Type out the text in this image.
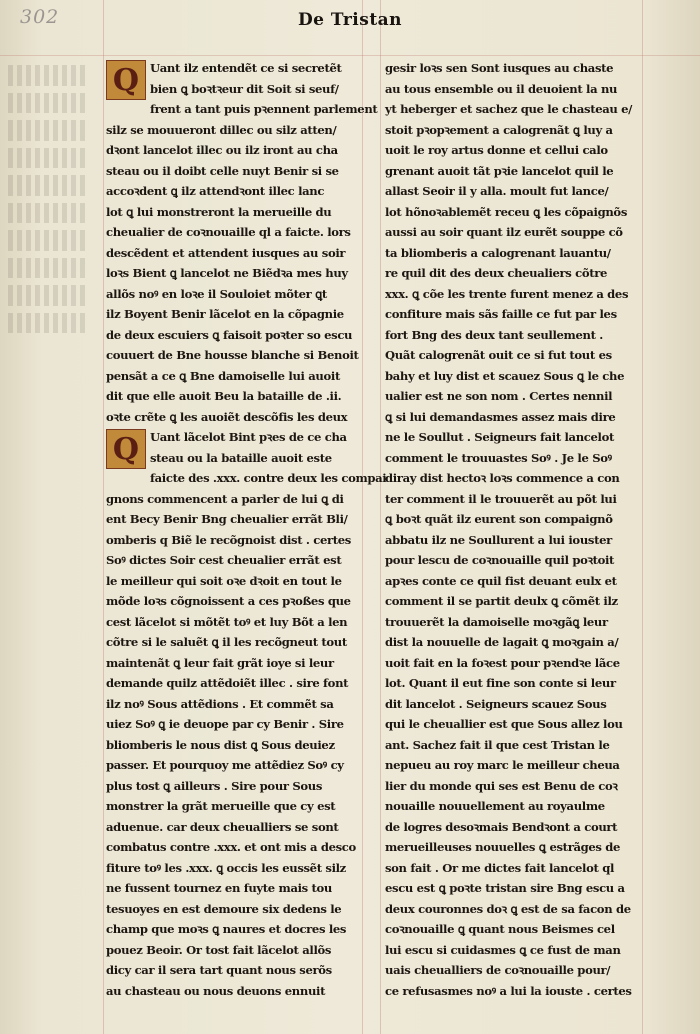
302	De Tristan
Q Uant ilz entendẽt ce si secretẽt
bien ꝗ boꝛtꝛeur dit Soit si seuf/
frent a tant puis pꝛennent parlement
silz se mouueront dillec ou silz atten/
dꝛont lancelot illec ou ilz iront au cha
steau ou il doibt celle nuyt Benir si se
accoꝛdent ꝗ ilz attendꝛont illec lanc
lot ꝗ lui monstreront la merueille du
cheualier de coꝛnouaille ql a faicte. lors
descẽdent et attendent iusques au soir
loꝛs Bient ꝗ lancelot ne Biẽdꝛa mes huy
allõs noꝰ en loꝛe il Souloiet mõter ꝗt
ilz Boyent Benir lãcelot en la cõpagnie
de deux escuiers ꝗ faisoit poꝛter so escu
couuert de Bne housse blanche si Benoit
pensãt a ce ꝗ Bne damoiselle lui auoit
dit que elle auoit Beu la bataille de .ii.
oꝛte crẽte ꝗ les auoiẽt descõfis les deux
Q Uant lãcelot Bint pꝛes de ce cha
steau ou la bataille auoit este
faicte des .xxx. contre deux les compai
gnons commencent a parler de lui ꝗ di
ent Becy Benir Bng cheualier errãt Bli/
omberis q Biẽ le recõgnoist dist . certes
Soꝰ dictes Soir cest cheualier errãt est
le meilleur qui soit oꝛe dꝛoit en tout le
mõde loꝛs cõgnoissent a ces pꝛoßes que
cest lãcelot si mõtẽt toꝰ et luy Bõt a len
cõtre si le saluẽt ꝗ il les recõgneut tout
maintenãt ꝗ leur fait grãt ioye si leur
demande quilz attẽdoiẽt illec . sire font
ilz noꝰ Sous attẽdions . Et commẽt sa
uiez Soꝰ ꝗ ie deuope par cy Benir . Sire
bliomberis le nous dist ꝗ Sous deuiez
passer. Et pourquoy me attẽdiez Soꝰ cy
plus tost ꝗ ailleurs . Sire pour Sous
monstrer la grãt merueille que cy est
aduenue. car deux cheualliers se sont
combatus contre .xxx. et ont mis a desco
fiture toꝰ les .xxx. ꝗ occis les eussẽt silz
ne fussent tournez en fuyte mais tou
tesuoyes en est demoure six dedens le
champ que moꝛs ꝗ naures et docres les
pouez Beoir. Or tost fait lãcelot allõs
dicy car il sera tart quant nous serõs
au chasteau ou nous deuons ennuit
gesir loꝛs sen Sont iusques au chaste
au tous ensemble ou il deuoient la nu
yt heberger et sachez que le chasteau e/
stoit pꝛopꝛement a calogrenãt ꝗ luy a
uoit le roy artus donne et cellui calo
grenant auoit tãt pꝛie lancelot quil le
allast Seoir il y alla. moult fut lance/
lot hõnoꝛablemẽt receu ꝗ les cõpaignõs
aussi au soir quant ilz eurẽt souppe cõ
ta bliomberis a calogrenant lauantu/
re quil dit des deux cheualiers cõtre
xxx. ꝗ cõe les trente furent menez a des
confiture mais sãs faille ce fut par les
fort Bng des deux tant seullement .
Quãt calogrenãt ouit ce si fut tout es
bahy et luy dist et scauez Sous ꝗ le che
ualier est ne son nom . Certes nennil
ꝗ si lui demandasmes assez mais dire
ne le Soullut . Seigneurs fait lancelot
comment le trouuastes Soꝰ . Je le Soꝰ
diray dist hectoꝛ loꝛs commence a con
ter comment il le trouuerẽt au põt lui
ꝗ boꝛt quãt ilz eurent son compaignõ
abbatu ilz ne Soullurent a lui iouster
pour lescu de coꝛnouaille quil poꝛtoit
apꝛes conte ce quil fist deuant eulx et
comment il se partit deulx ꝗ cõmẽt ilz
trouuerẽt la damoiselle moꝛgãꝗ leur
dist la nouuelle de lagait ꝗ moꝛgain a/
uoit fait en la foꝛest pour pꝛendꝛe lãce
lot. Quant il eut fine son conte si leur
dit lancelot . Seigneurs scauez Sous
qui le cheuallier est que Sous allez lou
ant. Sachez fait il que cest Tristan le
nepueu au roy marc le meilleur cheua
lier du monde qui ses est Benu de coꝛ
nouaille nouuellement au royaulme
de logres desoꝛmais Bendꝛont a court
merueilleuses nouuelles ꝗ estrãges de
son fait . Or me dictes fait lancelot ql
escu est ꝗ poꝛte tristan sire Bng escu a
deux couronnes doꝛ ꝗ est de sa facon de
coꝛnouaille ꝗ quant nous Beismes cel
lui escu si cuidasmes ꝗ ce fust de man
uais cheualliers de coꝛnouaille pour/
ce refusasmes noꝰ a lui la iouste . certes
